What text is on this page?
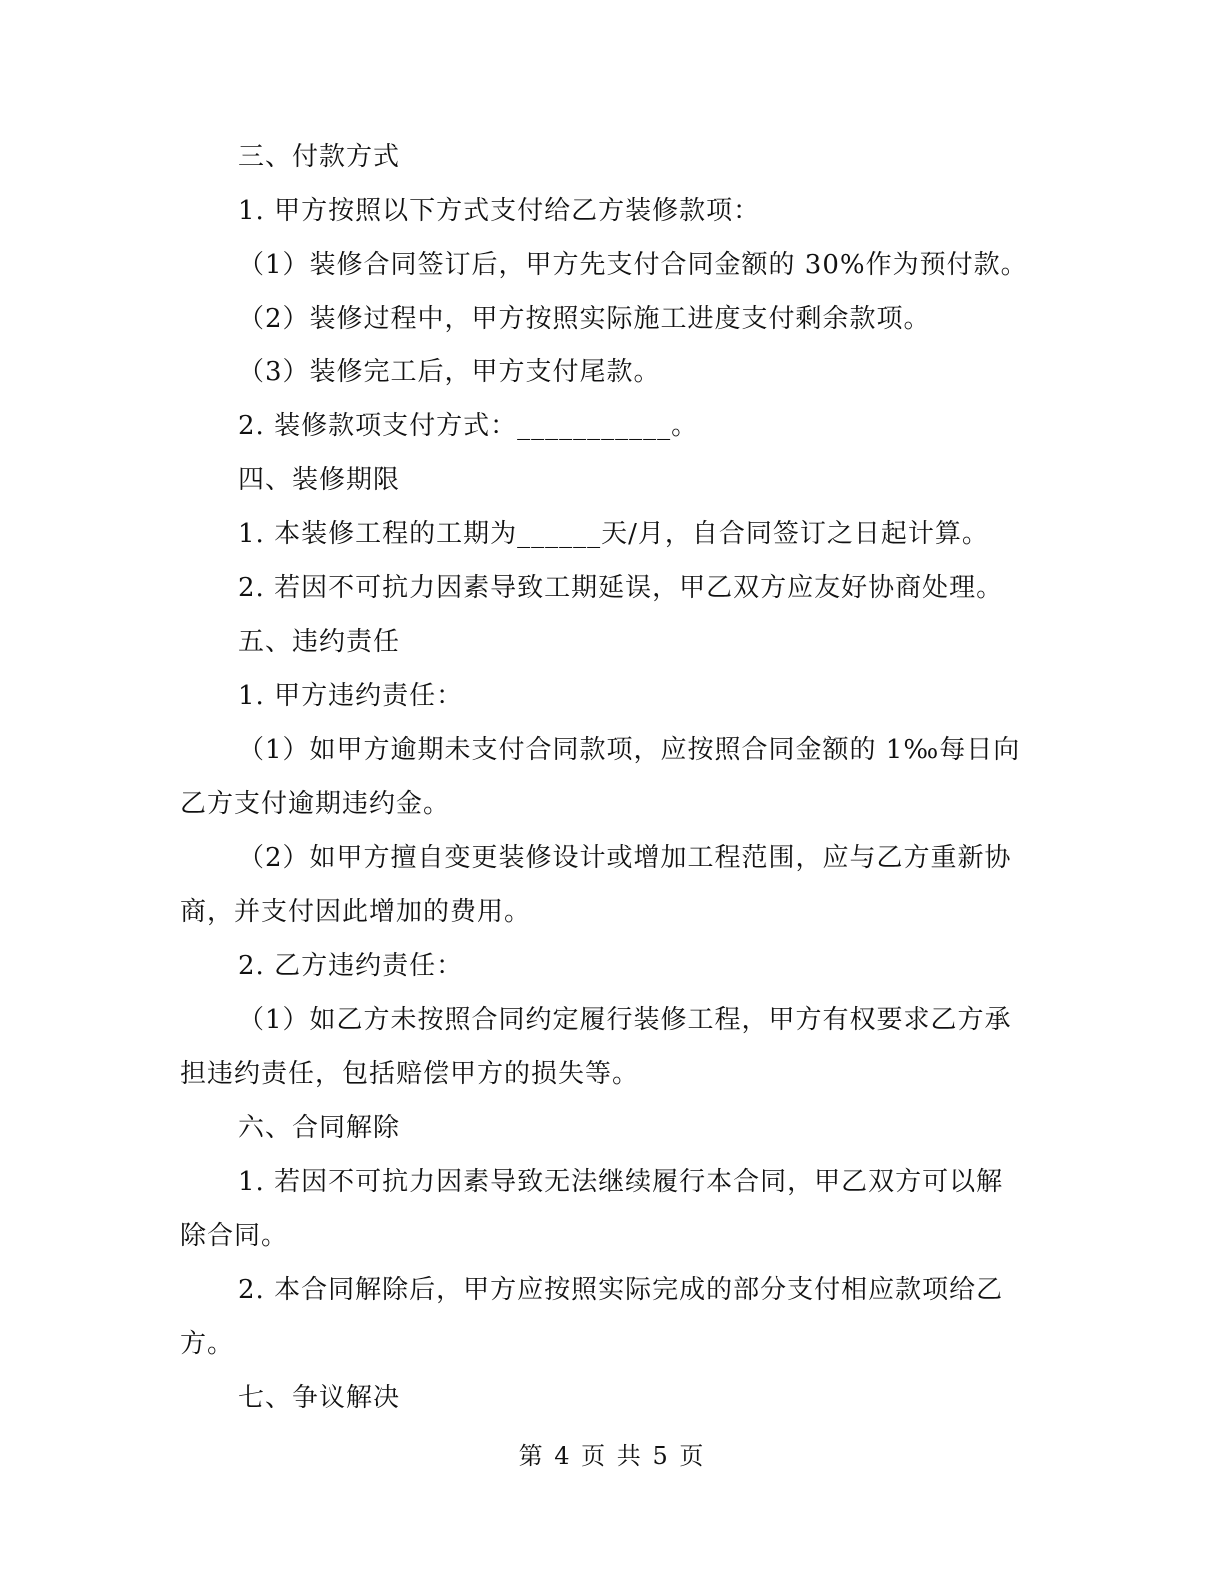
三、付款方式
1. 甲方按照以下方式支付给乙方装修款项：
（1）装修合同签订后，甲方先支付合同金额的 30%作为预付款。
（2）装修过程中，甲方按照实际施工进度支付剩余款项。
（3）装修完工后，甲方支付尾款。
2. 装修款项支付方式：___________。
四、装修期限
1. 本装修工程的工期为______天/月，自合同签订之日起计算。
2. 若因不可抗力因素导致工期延误，甲乙双方应友好协商处理。
五、违约责任
1. 甲方违约责任：
（1）如甲方逾期未支付合同款项，应按照合同金额的 1‰每日向
乙方支付逾期违约金。
（2）如甲方擅自变更装修设计或增加工程范围，应与乙方重新协
商，并支付因此增加的费用。
2. 乙方违约责任：
（1）如乙方未按照合同约定履行装修工程，甲方有权要求乙方承
担违约责任，包括赔偿甲方的损失等。
六、合同解除
1. 若因不可抗力因素导致无法继续履行本合同，甲乙双方可以解
除合同。
2. 本合同解除后，甲方应按照实际完成的部分支付相应款项给乙
方。
七、争议解决
第 4 页 共 5 页
